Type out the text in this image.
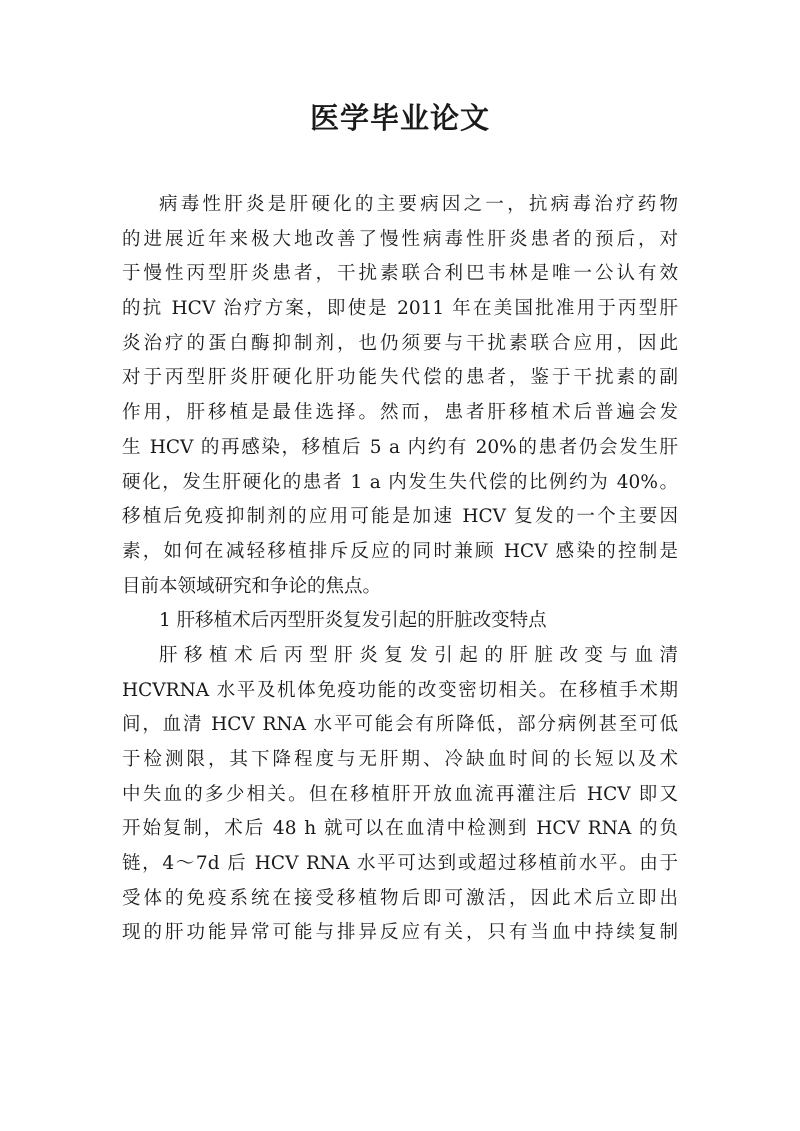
医学毕业论文
病毒性肝炎是肝硬化的主要病因之一，抗病毒治疗药物
的进展近年来极大地改善了慢性病毒性肝炎患者的预后，对
于慢性丙型肝炎患者，干扰素联合利巴韦林是唯一公认有效
的抗 HCV 治疗方案，即使是 2011 年在美国批准用于丙型肝
炎治疗的蛋白酶抑制剂，也仍须要与干扰素联合应用，因此
对于丙型肝炎肝硬化肝功能失代偿的患者，鉴于干扰素的副
作用，肝移植是最佳选择。然而，患者肝移植术后普遍会发
生 HCV 的再感染，移植后 5 a 内约有 20%的患者仍会发生肝
硬化，发生肝硬化的患者 1 a 内发生失代偿的比例约为 40%。
移植后免疫抑制剂的应用可能是加速 HCV 复发的一个主要因
素，如何在减轻移植排斥反应的同时兼顾 HCV 感染的控制是
目前本领域研究和争论的焦点。
1 肝移植术后丙型肝炎复发引起的肝脏改变特点
肝移植术后丙型肝炎复发引起的肝脏改变与血清
HCVRNA 水平及机体免疫功能的改变密切相关。在移植手术期
间，血清 HCV RNA 水平可能会有所降低，部分病例甚至可低
于检测限，其下降程度与无肝期、冷缺血时间的长短以及术
中失血的多少相关。但在移植肝开放血流再灌注后 HCV 即又
开始复制，术后 48 h 就可以在血清中检测到 HCV RNA 的负
链，4～7d 后 HCV RNA 水平可达到或超过移植前水平。由于
受体的免疫系统在接受移植物后即可激活，因此术后立即出
现的肝功能异常可能与排异反应有关，只有当血中持续复制
